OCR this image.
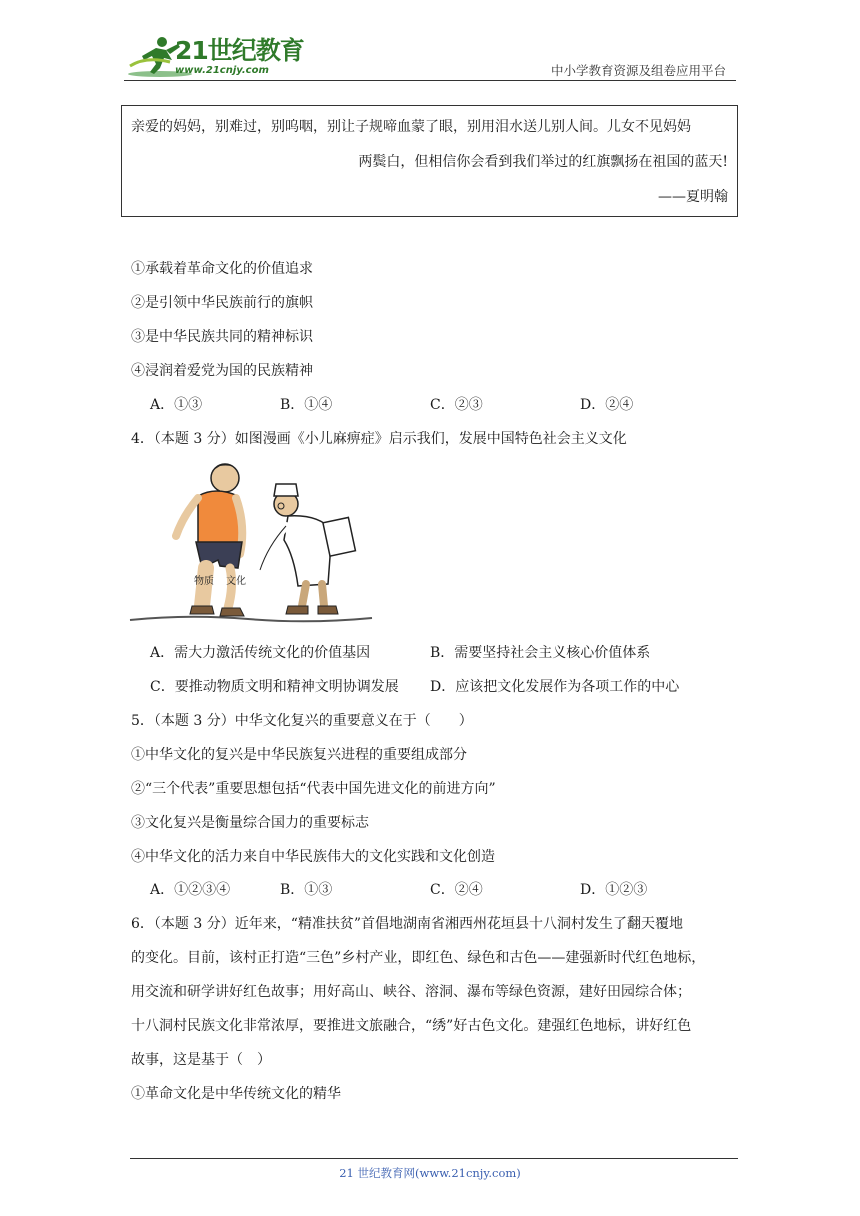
21世纪教育
www.21cnjy.com	中小学教育资源及组卷应用平台
亲爱的妈妈，别难过，别呜咽，别让子规啼血蒙了眼，别用泪水送儿别人间。儿女不见妈妈
两鬓白，但相信你会看到我们举过的红旗飘扬在祖国的蓝天!
——夏明翰
①承载着革命文化的价值追求
②是引领中华民族前行的旗帜
③是中华民族共同的精神标识
④浸润着爱党为国的民族精神
A．①③	B．①④	C．②③	D．②④
4．（本题 3 分）如图漫画《小儿麻痹症》启示我们，发展中国特色社会主义文化
物质 文化
A．需大力激活传统文化的价值基因	B．需要坚持社会主义核心价值体系
C．要推动物质文明和精神文明协调发展 D．应该把文化发展作为各项工作的中心
5．（本题 3 分）中华文化复兴的重要意义在于（　　）
①中华文化的复兴是中华民族复兴进程的重要组成部分
②“三个代表”重要思想包括“代表中国先进文化的前进方向”
③文化复兴是衡量综合国力的重要标志
④中华文化的活力来自中华民族伟大的文化实践和文化创造
A．①②③④	B．①③	C．②④	D．①②③
6．（本题 3 分）近年来，“精准扶贫”首倡地湖南省湘西州花垣县十八洞村发生了翻天覆地
的变化。目前，该村正打造“三色”乡村产业，即红色、绿色和古色——建强新时代红色地标，
用交流和研学讲好红色故事；用好高山、峡谷、溶洞、瀑布等绿色资源，建好田园综合体；
十八洞村民族文化非常浓厚，要推进文旅融合，“绣”好古色文化。建强红色地标，讲好红色
故事，这是基于（　）
①革命文化是中华传统文化的精华
21 世纪教育网(www.21cnjy.com)
